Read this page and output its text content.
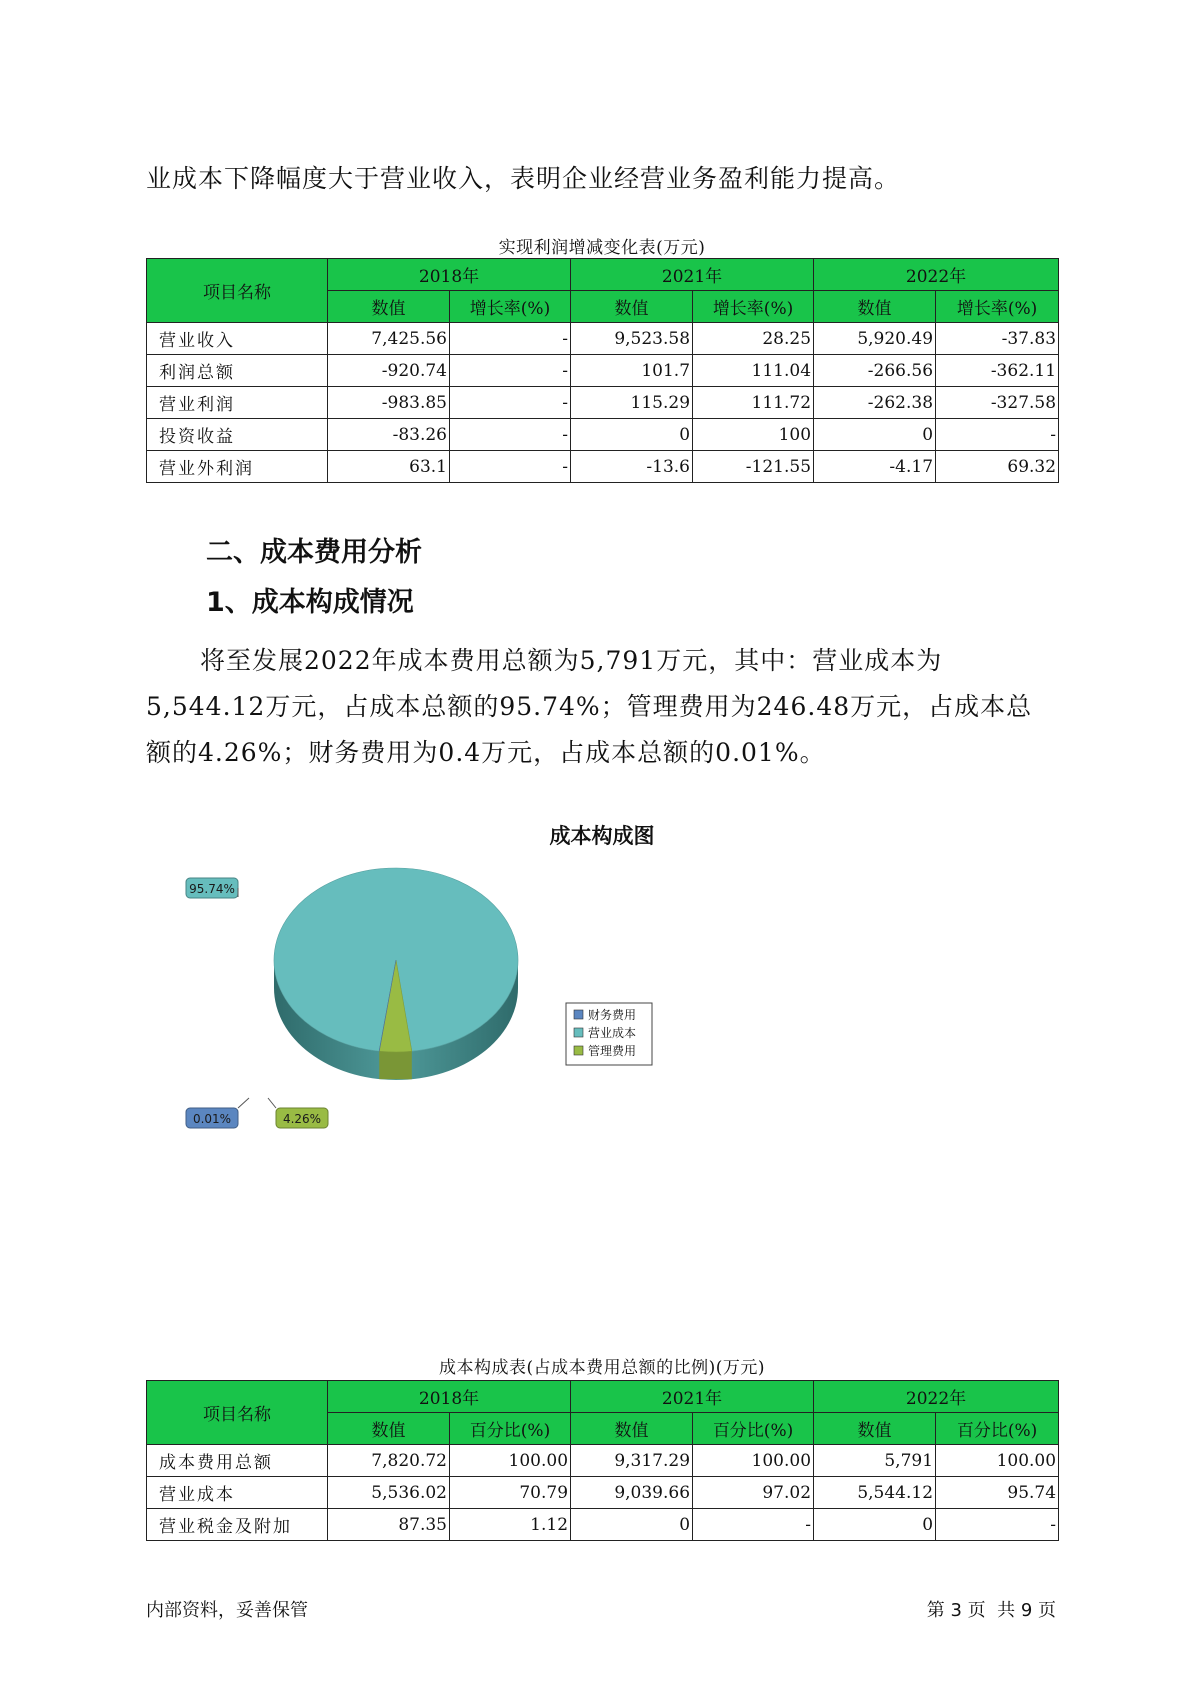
业成本下降幅度大于营业收入，表明企业经营业务盈利能力提高。

实现利润增减变化表(万元)
项目名称	2018年		2021年		2022年	
	数值	增长率(%)	数值	增长率(%)	数值	增长率(%)
营业收入	7,425.56	-	9,523.58	28.25	5,920.49	-37.83
利润总额	-920.74	-	101.7	111.04	-266.56	-362.11
营业利润	-983.85	-	115.29	111.72	-262.38	-327.58
投资收益	-83.26	-	0	100	0	-
营业外利润	63.1	-	-13.6	-121.55	-4.17	69.32
二、成本费用分析
1、成本构成情况

将至发展2022年成本费用总额为5,791万元，其中：营业成本为5,544.12万元，占成本总额的95.74%；管理费用为246.48万元，占成本总额的4.26%；财务费用为0.4万元，占成本总额的0.01%。

成本构成图
95.74%
0.01%	4.26%
财务费用
营业成本
管理费用
成本构成表(占成本费用总额的比例)(万元)
项目名称	2018年		2021年		2022年	
	数值	百分比(%)	数值	百分比(%)	数值	百分比(%)
成本费用总额	7,820.72	100.00	9,317.29	100.00	5,791	100.00
营业成本	5,536.02	70.79	9,039.66	97.02	5,544.12	95.74
营业税金及附加	87.35	1.12	0	-	0	-
内部资料，妥善保管	第 3 页  共 9 页
